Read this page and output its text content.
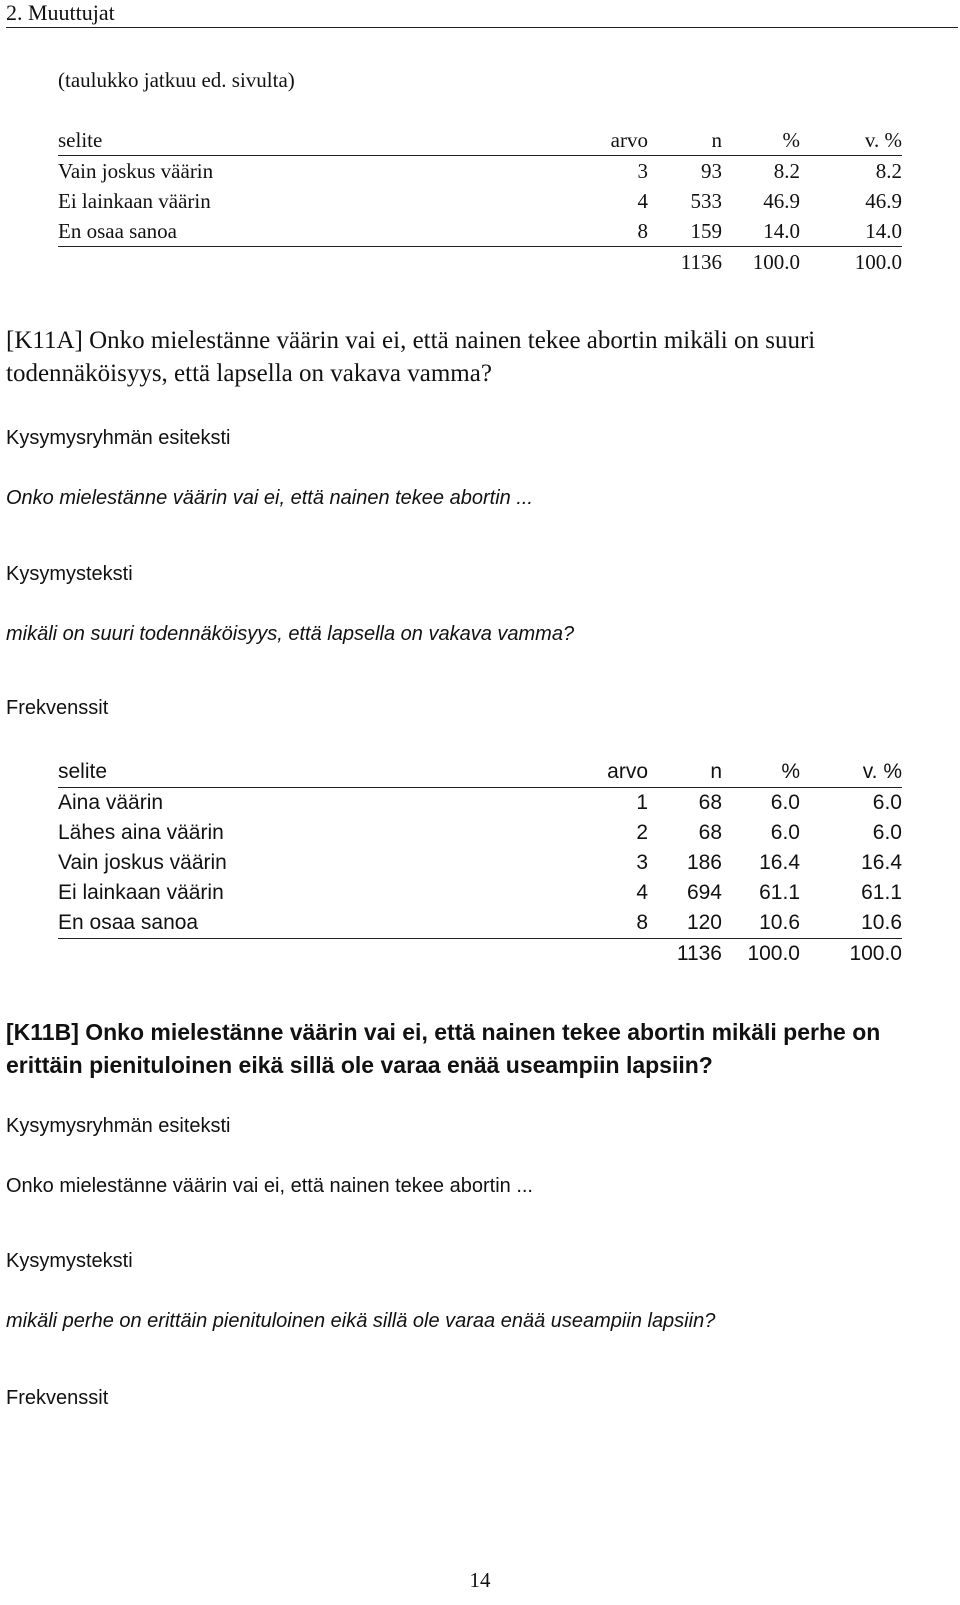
2. Muuttujat
(taulukko jatkuu ed. sivulta)
selite	arvo	n	%	v. %
Vain joskus väärin	3	93	8.2	8.2
Ei lainkaan väärin	4	533	46.9	46.9
En osaa sanoa	8	159	14.0	14.0
		1136	100.0	100.0
[K11A] Onko mielestänne väärin vai ei, että nainen tekee abortin mikäli on suuri todennäköisyys, että lapsella on vakava vamma?
Kysymysryhmän esiteksti
Onko mielestänne väärin vai ei, että nainen tekee abortin ...
Kysymysteksti
mikäli on suuri todennäköisyys, että lapsella on vakava vamma?
Frekvenssit
selite	arvo	n	%	v. %
Aina väärin	1	68	6.0	6.0
Lähes aina väärin	2	68	6.0	6.0
Vain joskus väärin	3	186	16.4	16.4
Ei lainkaan väärin	4	694	61.1	61.1
En osaa sanoa	8	120	10.6	10.6
		1136	100.0	100.0
[K11B] Onko mielestänne väärin vai ei, että nainen tekee abortin mikäli perhe on erittäin pienituloinen eikä sillä ole varaa enää useampiin lapsiin?
Kysymysryhmän esiteksti
Onko mielestänne väärin vai ei, että nainen tekee abortin ...
Kysymysteksti
mikäli perhe on erittäin pienituloinen eikä sillä ole varaa enää useampiin lapsiin?
Frekvenssit
14
